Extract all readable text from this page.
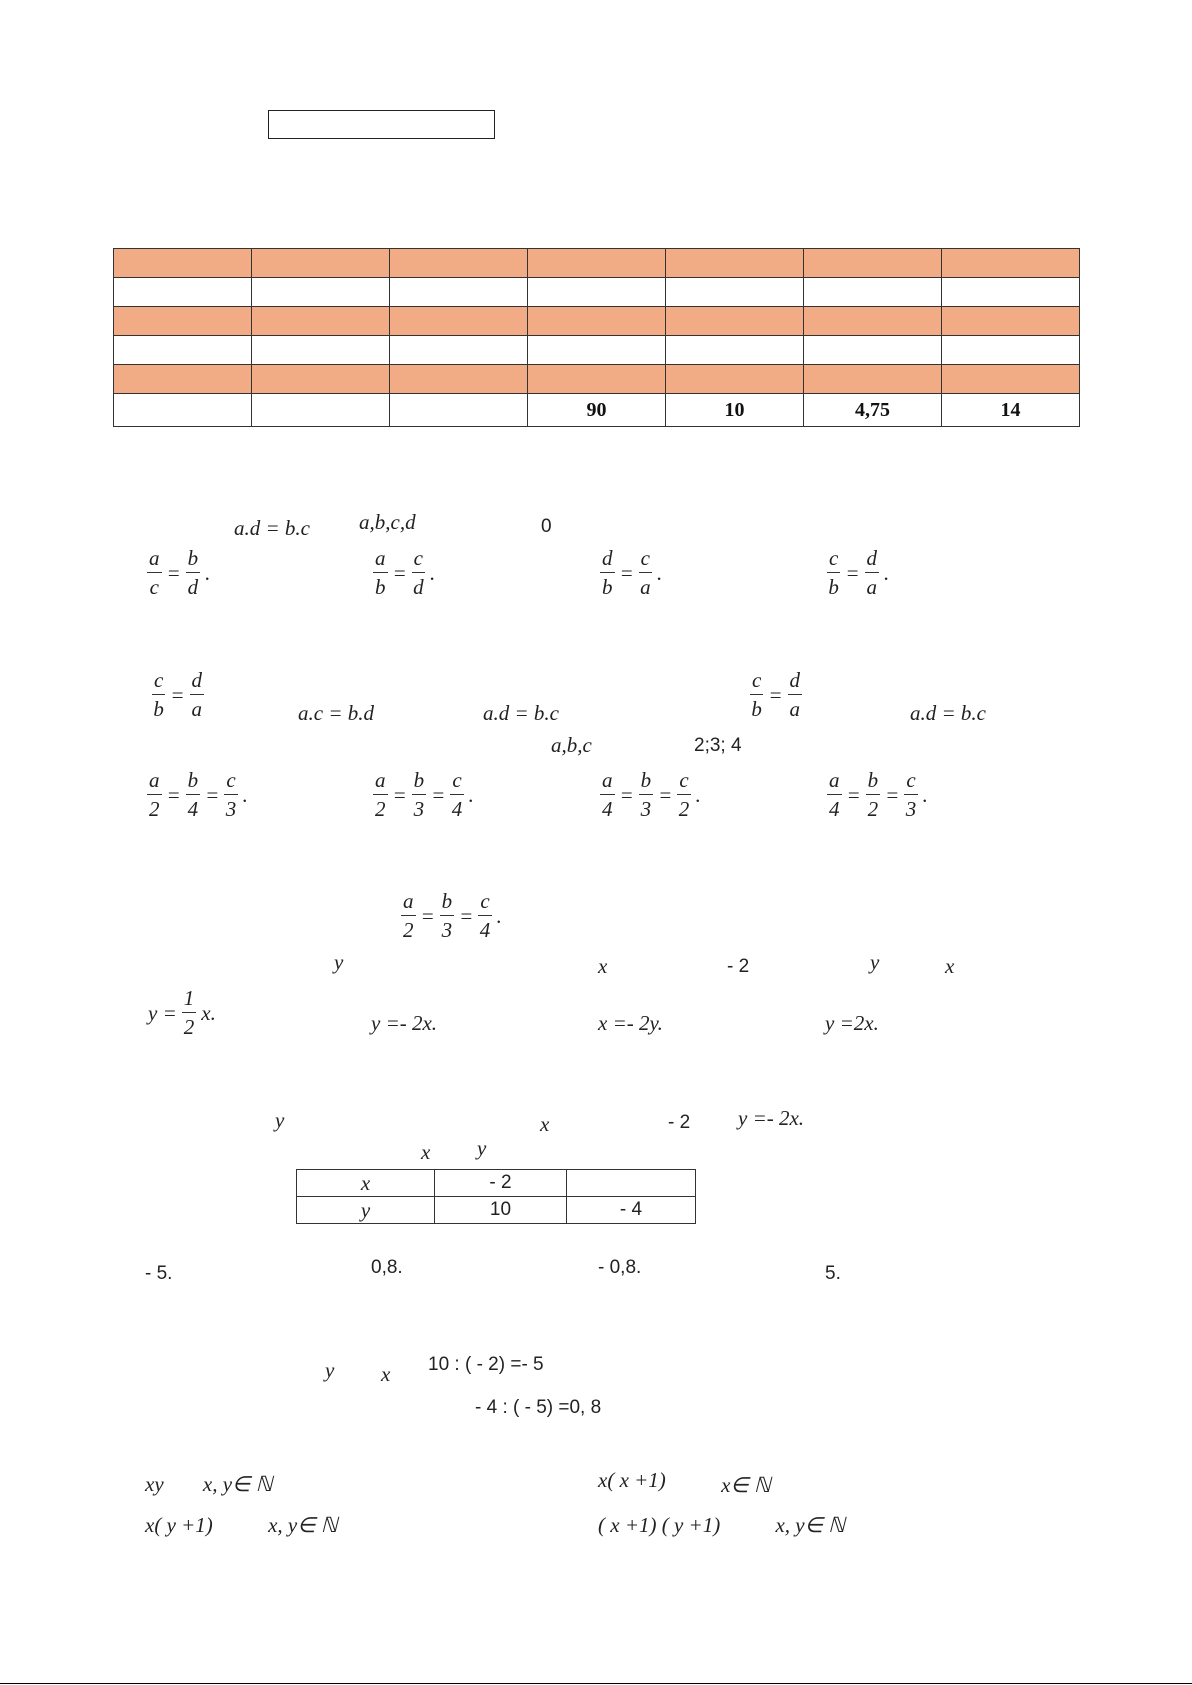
			90	10	4,75	14
a.d = b.c a,b,c,d	0
$\frac{a}{c} = \frac{b}{d}$ .	$\frac{a}{b} = \frac{c}{d}$ .	$\frac{d}{b} = \frac{c}{a}$ .	$\frac{c}{b} = \frac{d}{a}$ .
$\frac{c}{b} = \frac{d}{a}$	a.c = b.d	a.d = b.c	$\frac{c}{b} = \frac{d}{a}$	a.d = b.c
a,b,c	2;3; 4
$\frac{a}{2} = \frac{b}{4} = \frac{c}{3}$ .	$\frac{a}{2} = \frac{b}{3} = \frac{c}{4}$ .	$\frac{a}{4} = \frac{b}{3} = \frac{c}{2}$ .	$\frac{a}{4} = \frac{b}{2} = \frac{c}{3}$ .
$\frac{a}{2} = \frac{b}{3} = \frac{c}{4}$ .
y	x	- 2	y	x
$y = \frac{1}{2} x$.	y =- 2x.	x =- 2y.	y =2x.
y	x	- 2 y =- 2x.
x y
x	- 2	
y	10	- 4
- 5.	0,8.	- 0,8.	5.
y x 10 : ( - 2) =- 5
- 4 : ( - 5) =0, 8
xy x, y∈ ℕ	x( x +1)	x∈ ℕ
x( y +1)	x, y∈ ℕ	( x +1) ( y +1)	x, y∈ ℕ
